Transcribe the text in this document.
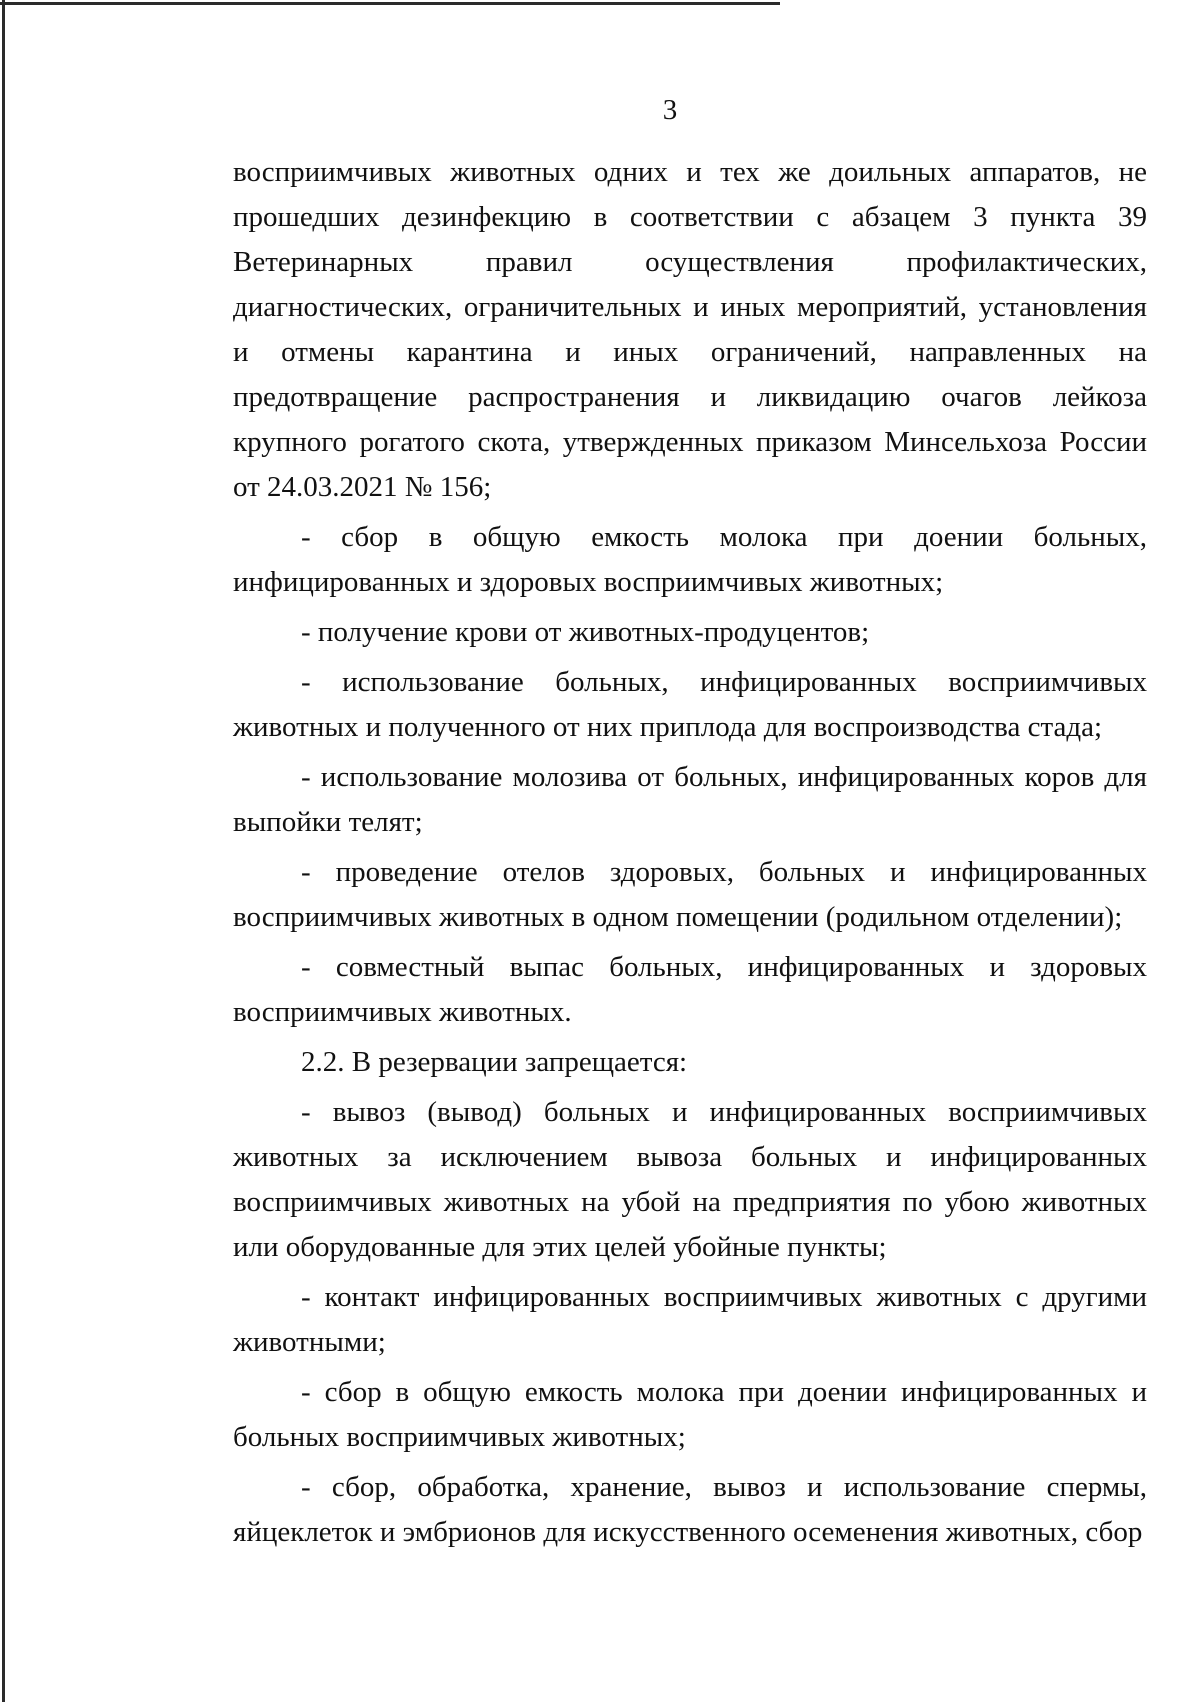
3

восприимчивых животных одних и тех же доильных аппаратов, не прошедших дезинфекцию в соответствии с абзацем 3 пункта 39 Ветеринарных правил осуществления профилактических, диагностических, ограничительных и иных мероприятий, установления и отмены карантина и иных ограничений, направленных на предотвращение распространения и ликвидацию очагов лейкоза крупного рогатого скота, утвержденных приказом Минсельхоза России от 24.03.2021 № 156;

- сбор в общую емкость молока при доении больных, инфицированных и здоровых восприимчивых животных;

- получение крови от животных-продуцентов;

- использование больных, инфицированных восприимчивых животных и полученного от них приплода для воспроизводства стада;

- использование молозива от больных, инфицированных коров для выпойки телят;

- проведение отелов здоровых, больных и инфицированных восприимчивых животных в одном помещении (родильном отделении);

- совместный выпас больных, инфицированных и здоровых восприимчивых животных.

2.2. В резервации запрещается:

- вывоз (вывод) больных и инфицированных восприимчивых животных за исключением вывоза больных и инфицированных восприимчивых животных на убой на предприятия по убою животных или оборудованные для этих целей убойные пункты;

- контакт инфицированных восприимчивых животных с другими животными;

- сбор в общую емкость молока при доении инфицированных и больных восприимчивых животных;

- сбор, обработка, хранение, вывоз и использование спермы, яйцеклеток и эмбрионов для искусственного осеменения животных, сбор
